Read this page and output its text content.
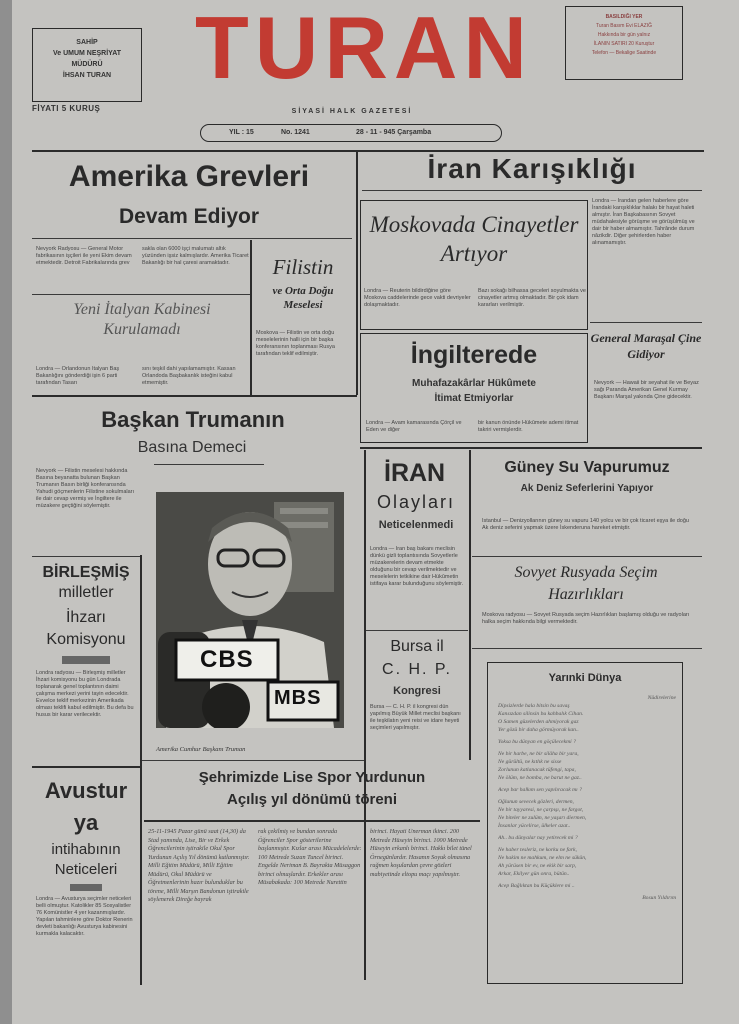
SAHİP
Ve UMUM NEŞRİYAT
MÜDÜRÜ
İHSAN TURAN TURAN	BASILDIĞI YER
Turan Basım Evi ELAZIĞ
Hakkında bir gün yalnız
İLANIN SATIRI 20 Kuruştur
Telefon — Bekalige Saatinde
FİYATI 5 KURUŞ	SİYASİ HALK GAZETESİ
YIL : 15	No. 1241	28 - 11 - 945 Çarşamba
Amerika Grevleri
Devam Ediyor
Nevyork Radyosu — General Motor fabrikasının işçileri ile yeni Ekim devam etmektedir. Detroit Fabrikalarında grev
sakla olan 6000 işçi malumatı altık yüzünden işsiz kalmışlardır. Amerika Ticaret Bakanlığı bir hal çaresi aramaktadır.	Filistin
ve Orta Doğu Meselesi
Moskova — Filistin ve orta doğu meselelerinin halli için bir başka konferansının toplanması Rusya tarafından teklif edilmiştir.
Yeni İtalyan Kabinesi Kurulamadı
Londra — Orlandonun İtalyan Baş Bakanlığını gönderdiği işin 6 parti tarafından Tasarı
sını teşkil dahi yapılamamıştır. Kassan Orlandoda Başbakanlık isteğini kabul etmemiştir.
İran Karışıklığı
Londra — İrandan gelen haberlere göre İrandaki karışıklıklar halakı bir hayat haleti almıştır. İran Başkabasının Sovyet müdahalesiyle görüşme ve görüşülmüş ve dair bir haber almamıştır. Tahrânde durum nâzikdir. Diğer şehirlerden haber alınamamıştır.
Moskovada Cinayetler Artıyor
Londra — Reuterin bildirdiğine göre Moskova caddelerinde gece vakti devriyeler dolaşmaktadır.
Bazı sokağı bilhassa geceleri soyulmakta ve cinayetler artmış olmaktadır. Bir çok idam kararları verilmiştir.
İngilterede
Muhafazakârlar Hükûmete
İtimat Etmiyorlar
Londra — Avam kamarasında Çörçil ve Eden ve diğer
bir kanun önünde Hükûmete ademi itimat takriri vermişlerdir.
General Maraşal Çine Gidiyor
Nevyork — Hawaii bir seyahat ile ve Beyaz sağı Paranda Amerikan Genel Kurmay Başkanı Marşal yakında Çine gidecektir.
Başkan Trumanın
Basına Demeci
Nevyork — Filistin meselesi hakkında Basına beyanatta bulunan Başkan Trumanın Basın birliği konferansında Yahudi göçmenlerin Filistine sokulmaları ile dair cevap vermiş ve İngiltere ile müzakere geçtiğini söylemiştir.
CBS
MBS
Amerika Cumhur Başkanı Truman
BİRLEŞMİŞ
milletler
İhzarı
Komisyonu
Londra radyosu — Birleşmiş milletler İhzari komisyonu bu gün Londrada toplanarak genel toplantının daimi çalışma merkezi yerini tayin edecektir. Evvelce teklif merkezinin Amerikada olması teklifi kabul edilmiştir. Bu defa bu husus bir karar verilecektir.
İRAN
Olayları
Neticelenmedi
Londra — İran baş bakanı meclisin dünkü gizli toplantısında Sovyetlerle müzakerelerin devam etmekte olduğunu bir cevap verilmektedir ve meselelerin tetkikine dair Hükûmetin istifaya karar bulunduğunu söylemiştir.
Bursa il
C. H. P.
Kongresi
Bursa — C. H. P. il kongresi dün yapılmış Büyük Millet meclisi başkanı ile teşkilatın yeni reisi ve idare heyeti seçimleri yapılmıştır.
Güney Su Vapurumuz
Ak Deniz Seferlerini Yapıyor
İstanbul — Denizyollarının güney su vapuru 140 yolcu ve bir çok ticaret eşya ile doğu Ak deniz seferini yapmak üzere İskenderuna hareket etmiştir.
Sovyet Rusyada Seçim Hazırlıkları
Moskova radyosu — Sovyet Rusyada seçim Hazırlıkları başlamış olduğu ve radyoları halka seçim hakkında bilgi vermektedir.
Yarınki Dünya
Nûdirelerine
Dipsizlerde hala bitsin bu savaş
Kansızdan silinsin bu kahbalık Cihan.
O Samen güzelerden ahmiyorak gaz
Yer gözü bir daha görmüyorak kan..
Yoksa bu dünyan en göçülecekmi ?
Ne bir harbe, ne bir silâha bir yara,
Ne gürültü, ne kıtlık ne sisse
Zorlunun katlanacak tüfengi, tapa,
Ne ölüm, ne bomba, ne barut ne gaz..
Acep bar halkım sen yapılıracak mı ?
Oğlunun sevecek gözleri, dermen,
Ne bir tayyaresi, ne çarpışı, ne fargot,
Ne biteler ne zulüm, ne yaşarı diermen,
İnsanlar yücelirse, ülkeler azat..
Ah.. bu dünyalar nay yetirecek mi ?
Ne haber tesleriz, ne korku ne fark,
Ne hakim ne mahkum, ne elm ne sükûn,
Ah yürüsen bir ev, ne ekik bir sarp,
Arkar, Ekilyer gün onra, bütün..
Acep Bağlıktan bu Küçüklere mi ..
Bosun Yıldırım
Şehrimizde Lise Spor Yurdunun
Açılış yıl dönümü töreni
25-11-1945 Pazar günü saat (14,30) da Stad yamında, Lise, Bir ve Erkek Öğrencilerinin iştirakile Okul Spor Yurdunun Açılış Yıl dönümü kutlanmıştır. Milli Eğitim Müdürü, Milli Eğitim Müdürü, Okul Müdürü ve Öğretmenlerinin hazır bulunduklar bu törene, Milli Marşın Bandonun iştirakile söylenerek Direğe bayrak
rak çekilmiş ve bundan sonrada Öğrenciler Spor gösterilerine başlanmıştır. Kızlar arası Mücadelelerde: 100 Metrede Suzan Tuncel birinci. Engelde Neriman B. Bayrakta Müsaggon birinci olmuşlardır. Erkekler arası Müsabakada: 100 Metrede Nurettin
birinci. Hayati Ünerman ikinci. 200 Metrede Hüseyin birinci. 1000 Metrede Hüseyin erkanlı birinci. Hakkı bilet tünel Örnegünlardır. Hasanın Soyuk olmasına rağmen koşulardan çevre gözleri mabiyetinde eltopu maçı yapılmıştır.
Avustur
ya
intihabının
Neticeleri
Londra — Avusturya seçimler neticeleri belli olmuştur. Katolikler 85 Sosyalistler 76 Komünistler 4 yer kazanmışlardır. Yapılan tahminlere göre Doktor Renerin devleti bakanlığı Avusturya kabinesini kurmakla kalacaktır.
